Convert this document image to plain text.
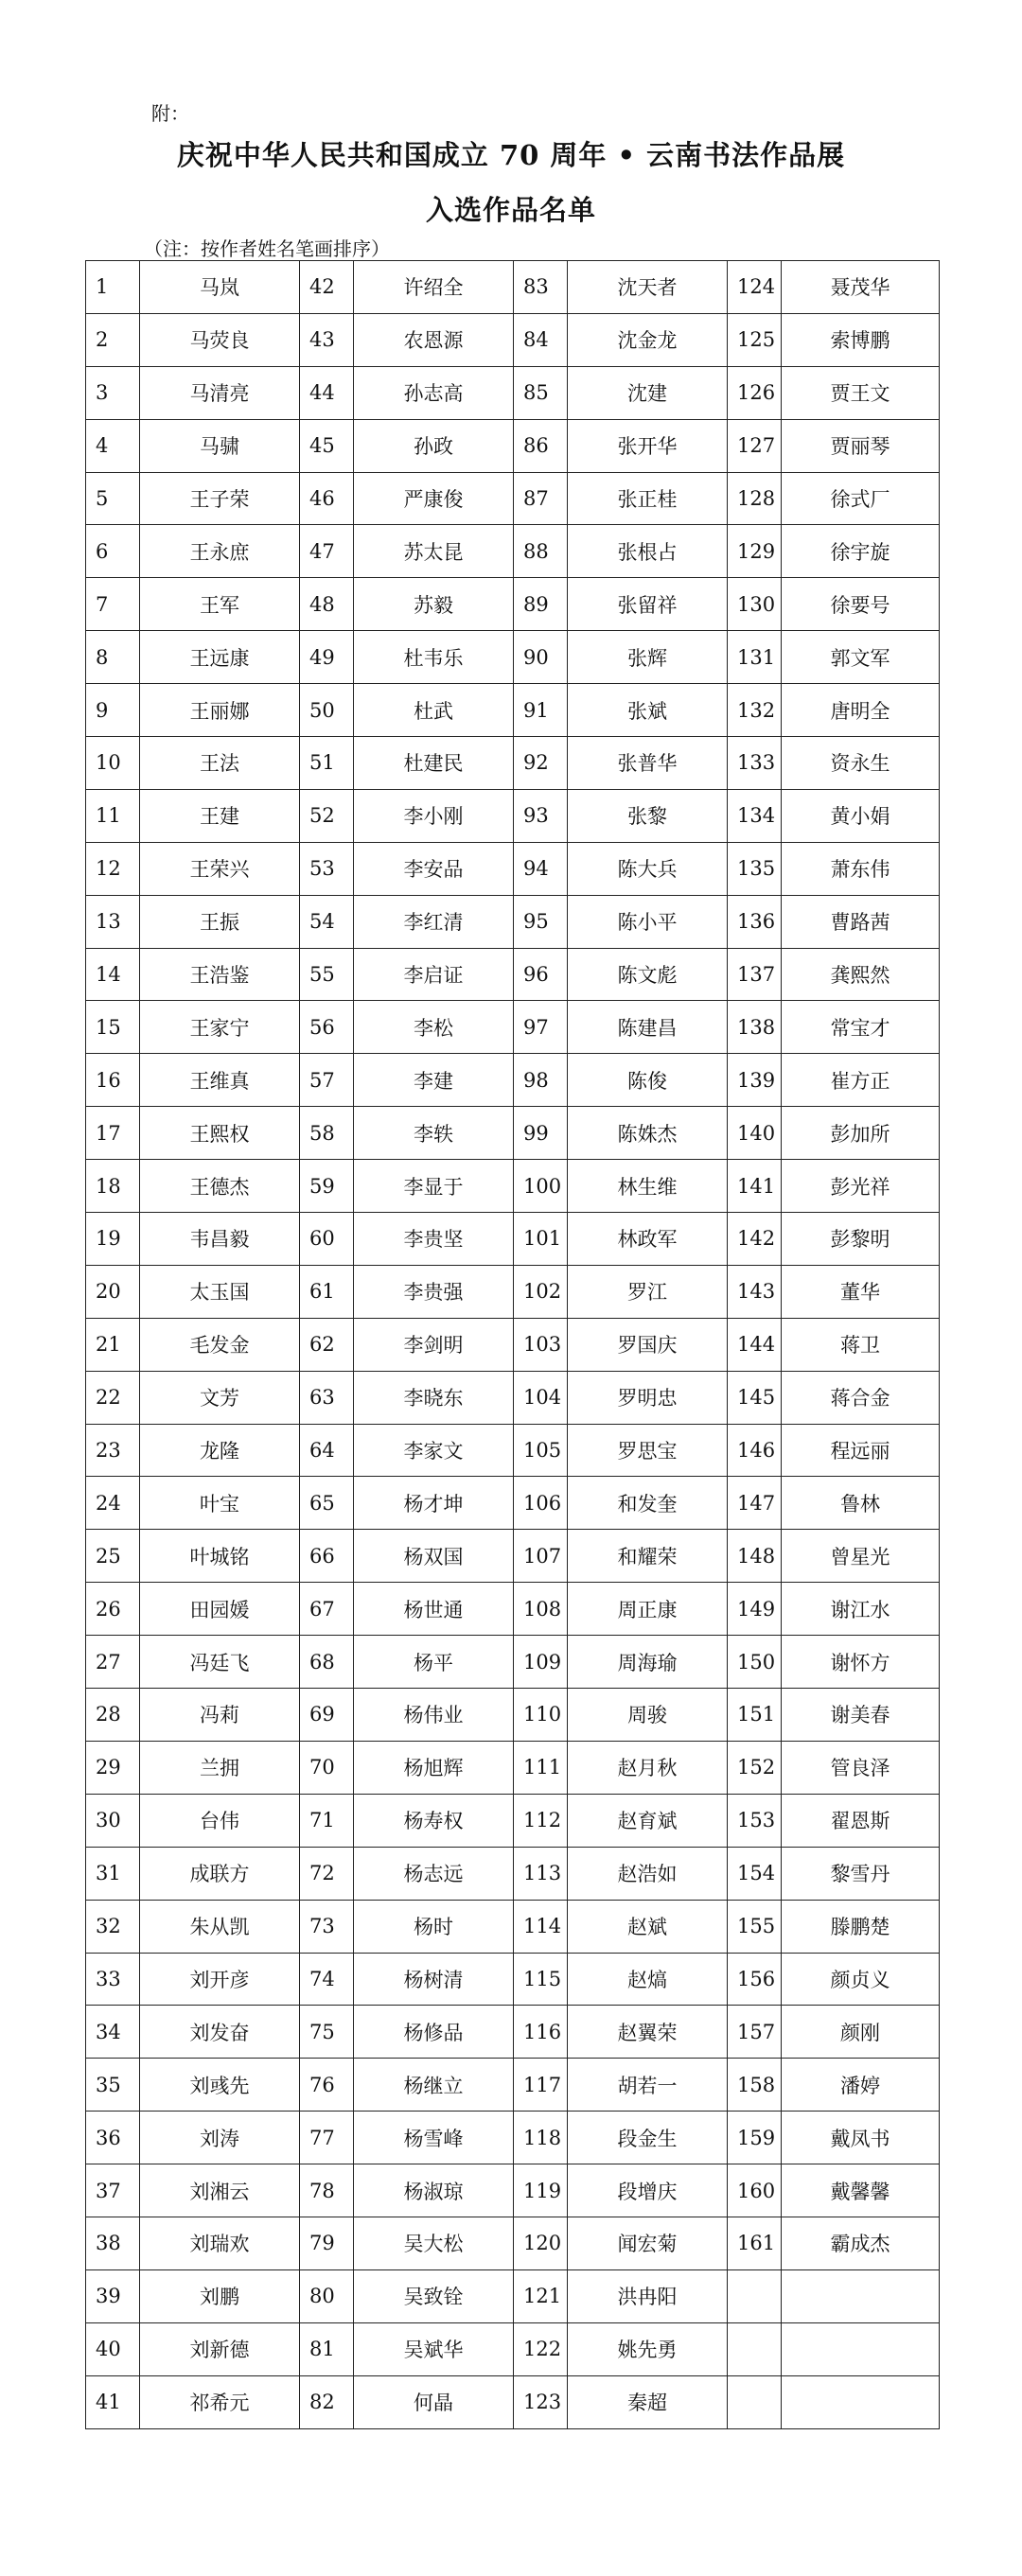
附：
庆祝中华人民共和国成立 70 周年 • 云南书法作品展
入选作品名单
（注：按作者姓名笔画排序）
1	马岚	42	许绍全	83	沈天者	124	聂茂华
2	马荧良	43	农恩源	84	沈金龙	125	索博鹏
3	马清亮	44	孙志高	85	沈建	126	贾王文
4	马骕	45	孙政	86	张开华	127	贾丽琴
5	王子荣	46	严康俊	87	张正桂	128	徐式厂
6	王永庶	47	苏太昆	88	张根占	129	徐宇旋
7	王军	48	苏毅	89	张留祥	130	徐要号
8	王远康	49	杜韦乐	90	张辉	131	郭文军
9	王丽娜	50	杜武	91	张斌	132	唐明全
10	王法	51	杜建民	92	张普华	133	资永生
11	王建	52	李小刚	93	张黎	134	黄小娟
12	王荣兴	53	李安品	94	陈大兵	135	萧东伟
13	王振	54	李红清	95	陈小平	136	曹路茜
14	王浩鉴	55	李启证	96	陈文彪	137	龚熙然
15	王家宁	56	李松	97	陈建昌	138	常宝才
16	王维真	57	李建	98	陈俊	139	崔方正
17	王熙权	58	李轶	99	陈姝杰	140	彭加所
18	王德杰	59	李显于	100	林生维	141	彭光祥
19	韦昌毅	60	李贵坚	101	林政军	142	彭黎明
20	太玉国	61	李贵强	102	罗江	143	董华
21	毛发金	62	李剑明	103	罗国庆	144	蒋卫
22	文芳	63	李晓东	104	罗明忠	145	蒋合金
23	龙隆	64	李家文	105	罗思宝	146	程远丽
24	叶宝	65	杨才坤	106	和发奎	147	鲁林
25	叶城铭	66	杨双国	107	和耀荣	148	曾星光
26	田园媛	67	杨世通	108	周正康	149	谢江水
27	冯廷飞	68	杨平	109	周海瑜	150	谢怀方
28	冯莉	69	杨伟业	110	周骏	151	谢美春
29	兰拥	70	杨旭辉	111	赵月秋	152	管良泽
30	台伟	71	杨寿权	112	赵育斌	153	翟恩斯
31	成联方	72	杨志远	113	赵浩如	154	黎雪丹
32	朱从凯	73	杨时	114	赵斌	155	滕鹏楚
33	刘开彦	74	杨树清	115	赵熇	156	颜贞义
34	刘发奋	75	杨修品	116	赵翼荣	157	颜刚
35	刘彧先	76	杨继立	117	胡若一	158	潘婷
36	刘涛	77	杨雪峰	118	段金生	159	戴凤书
37	刘湘云	78	杨淑琼	119	段增庆	160	戴馨馨
38	刘瑞欢	79	吴大松	120	闻宏菊	161	霸成杰
39	刘鹏	80	吴致铨	121	洪冉阳		
40	刘新德	81	吴斌华	122	姚先勇		
41	祁希元	82	何晶	123	秦超		
